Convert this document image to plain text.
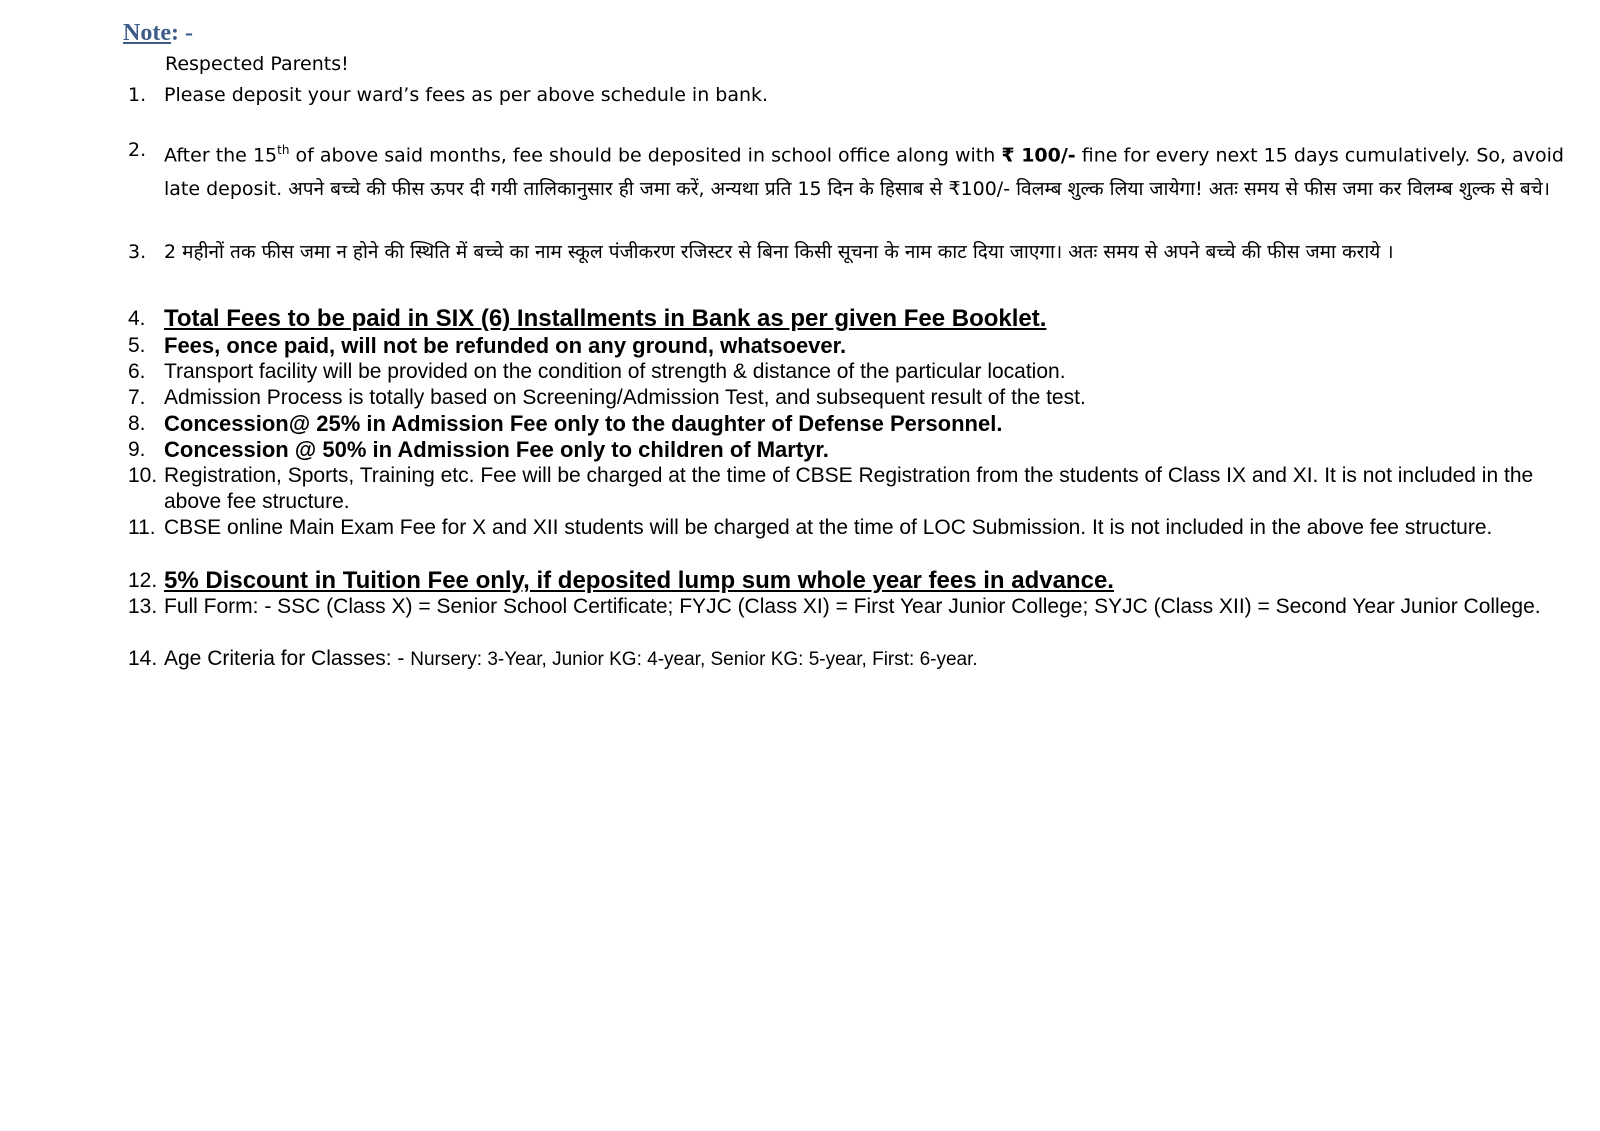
Note: -
Respected Parents!
1. Please deposit your ward’s fees as per above schedule in bank.
2. After the 15th of above said months, fee should be deposited in school office along with ₹ 100/- fine for every next 15 days cumulatively. So, avoid late deposit. अपने बच्चे की फीस ऊपर दी गयी तालिकानुसार ही जमा करें, अन्यथा प्रति 15 दिन के हिसाब से ₹100/- विलम्ब शुल्क लिया जायेगा! अतः समय से फीस जमा कर विलम्ब शुल्क से बचे।
3. 2 महीनों तक फीस जमा न होने की स्थिति में बच्चे का नाम स्कूल पंजीकरण रजिस्टर से बिना किसी सूचना के नाम काट दिया जाएगा। अतः समय से अपने बच्चे की फीस जमा कराये ।
4. Total Fees to be paid in SIX (6) Installments in Bank as per given Fee Booklet.
5. Fees, once paid, will not be refunded on any ground, whatsoever.
6. Transport facility will be provided on the condition of strength & distance of the particular location.
7. Admission Process is totally based on Screening/Admission Test, and subsequent result of the test.
8. Concession@ 25% in Admission Fee only to the daughter of Defense Personnel.
9. Concession @ 50% in Admission Fee only to children of Martyr.
10. Registration, Sports, Training etc. Fee will be charged at the time of CBSE Registration from the students of Class IX and XI. It is not included in the above fee structure.
11. CBSE online Main Exam Fee for X and XII students will be charged at the time of LOC Submission. It is not included in the above fee structure.
12. 5% Discount in Tuition Fee only, if deposited lump sum whole year fees in advance.
13. Full Form: - SSC (Class X) = Senior School Certificate; FYJC (Class XI) = First Year Junior College; SYJC (Class XII) = Second Year Junior College.
14. Age Criteria for Classes: - Nursery: 3-Year, Junior KG: 4-year, Senior KG: 5-year, First: 6-year.
